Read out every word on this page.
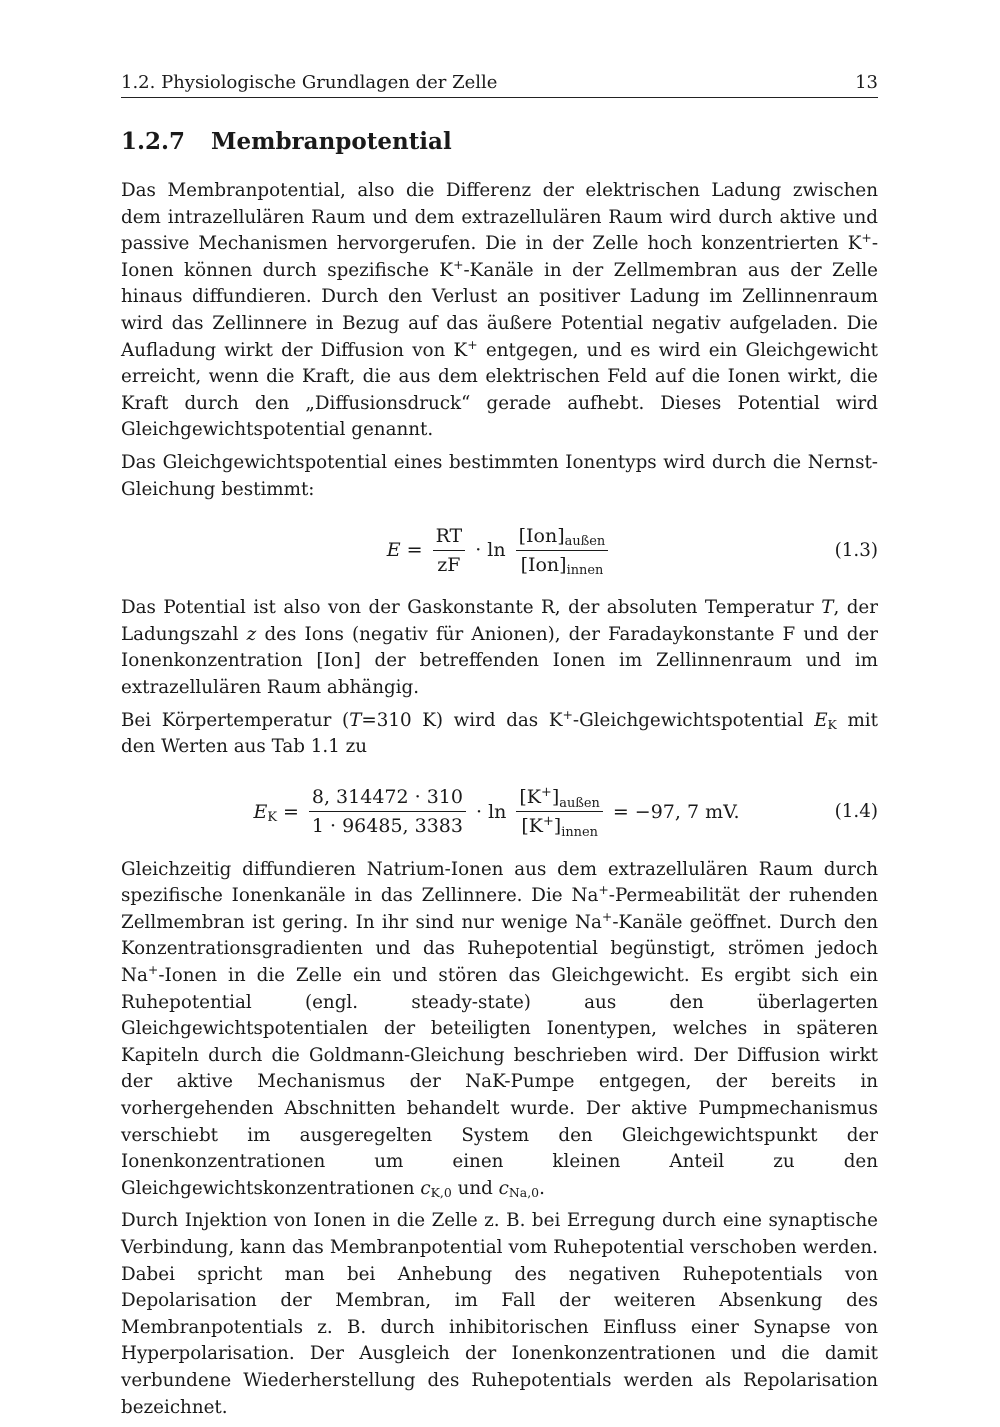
1.2. Physiologische Grundlagen der Zelle	13
1.2.7 Membranpotential

Das Membranpotential, also die Differenz der elektrischen Ladung zwischen dem intrazellulären Raum und dem extrazellulären Raum wird durch aktive und passive Mechanismen hervorgerufen. Die in der Zelle hoch konzentrierten K+-Ionen können durch spezifische K+-Kanäle in der Zellmembran aus der Zelle hinaus diffundieren. Durch den Verlust an positiver Ladung im Zellinnenraum wird das Zellinnere in Bezug auf das äußere Potential negativ aufgeladen. Die Aufladung wirkt der Diffusion von K+ entgegen, und es wird ein Gleichgewicht erreicht, wenn die Kraft, die aus dem elektrischen Feld auf die Ionen wirkt, die Kraft durch den „Diffusionsdruck“ gerade aufhebt. Dieses Potential wird Gleichgewichtspotential genannt.

Das Gleichgewichtspotential eines bestimmten Ionentyps wird durch die Nernst-Gleichung bestimmt:

$E = \frac{RT}{zF} \cdot \ln \frac{[Ion]_{außen}}{[Ion]_{innen}}$	(1.3)

Das Potential ist also von der Gaskonstante R, der absoluten Temperatur T, der Ladungszahl z des Ions (negativ für Anionen), der Faradaykonstante F und der Ionenkonzentration [Ion] der betreffenden Ionen im Zellinnenraum und im extrazellulären Raum abhängig.

Bei Körpertemperatur (T=310 K) wird das K+-Gleichgewichtspotential $E_K$ mit den Werten aus Tab 1.1 zu

$E_K = \frac{8, 314472 \cdot 310}{1 \cdot 96485, 3383} \cdot \ln \frac{[K^+]_{außen}}{[K^+]_{innen}} = -97$, 7 mV.	(1.4)

Gleichzeitig diffundieren Natrium-Ionen aus dem extrazellulären Raum durch spezifische Ionenkanäle in das Zellinnere. Die Na+-Permeabilität der ruhenden Zellmembran ist gering. In ihr sind nur wenige Na+-Kanäle geöffnet. Durch den Konzentrationsgradienten und das Ruhepotential begünstigt, strömen jedoch Na+-Ionen in die Zelle ein und stören das Gleichgewicht. Es ergibt sich ein Ruhepotential (engl. steady-state) aus den überlagerten Gleichgewichtspotentialen der beteiligten Ionentypen, welches in späteren Kapiteln durch die Goldmann-Gleichung beschrieben wird. Der Diffusion wirkt der aktive Mechanismus der NaK-Pumpe entgegen, der bereits in vorhergehenden Abschnitten behandelt wurde. Der aktive Pumpmechanismus verschiebt im ausgeregelten System den Gleichgewichtspunkt der Ionenkonzentrationen um einen kleinen Anteil zu den Gleichgewichtskonzentrationen $c_{K,0}$ und $c_{Na,0}$.

Durch Injektion von Ionen in die Zelle z. B. bei Erregung durch eine synaptische Verbindung, kann das Membranpotential vom Ruhepotential verschoben werden. Dabei spricht man bei Anhebung des negativen Ruhepotentials von Depolarisation der Membran, im Fall der weiteren Absenkung des Membranpotentials z. B. durch inhibitorischen Einfluss einer Synapse von Hyperpolarisation. Der Ausgleich der Ionenkonzentrationen und die damit verbundene Wiederherstellung des Ruhepotentials werden als Repolarisation bezeichnet.
